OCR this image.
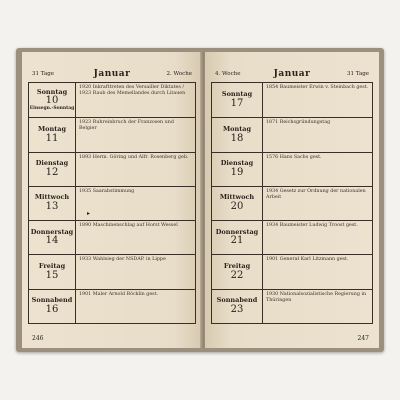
31 Tage	Januar	2. Woche
Sonntag
10
Einsegn.-Sonntag
1920 Inkrafttreten des Versailler Diktates / 1923 Raub des Memellandes durch Litauen
Montag
11
1923 Ruhreinbruch der Franzosen und Belgier
Dienstag
12
1893 Herm. Göring und Alfr. Rosenberg geb.
Mittwoch
13
1935 Saarabstimmung
▸
Donnerstag
14
1890 Maschinenschlag auf Horst Wessel
Freitag
15
1933 Wahlsieg der NSDAP. in Lippe
Sonnabend
16
1901 Maler Arnold Böcklin gest.
246
4. Woche	Januar	31 Tage
Sonntag
17
1854 Baumeister Erwin v. Steinbach gest.
Montag
18
1871 Reichsgründungstag
Dienstag
19
1576 Hans Sachs gest.
Mittwoch
20
1934 Gesetz zur Ordnung der nationalen Arbeit
Donnerstag
21
1934 Baumeister Ludwig Troost gest.
Freitag
22
1901 Generał Karl Litzmann gest.
Sonnabend
23
1930 Nationalsozialistische Regierung in Thüringen
247
